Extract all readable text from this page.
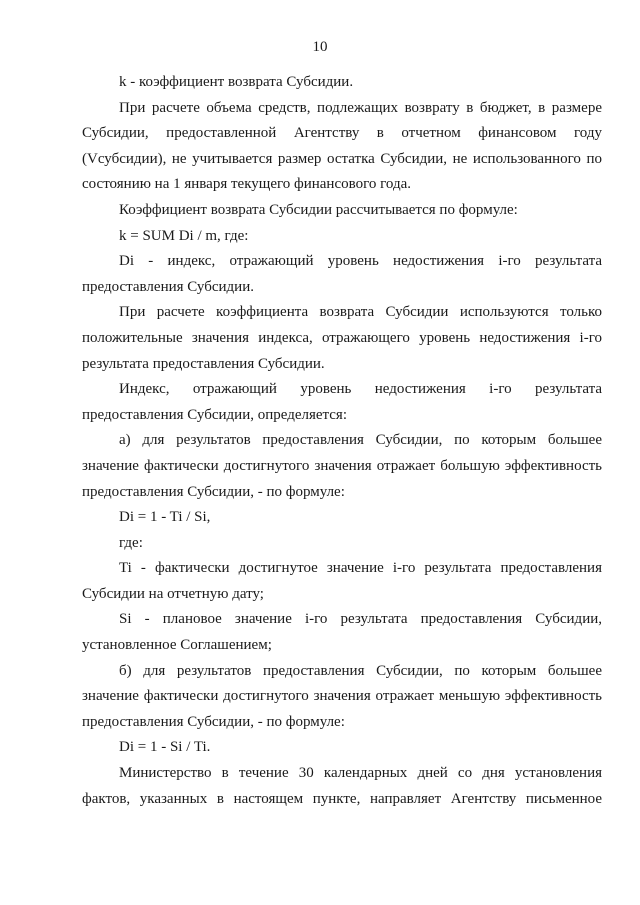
10

k - коэффициент возврата Субсидии.

При расчете объема средств, подлежащих возврату в бюджет, в размере Субсидии, предоставленной Агентству в отчетном финансовом году (Vсубсидии), не учитывается размер остатка Субсидии, не использованного по состоянию на 1 января текущего финансового года.

Коэффициент возврата Субсидии рассчитывается по формуле:

k = SUM Di / m, где:

Di - индекс, отражающий уровень недостижения i-го результата предоставления Субсидии.

При расчете коэффициента возврата Субсидии используются только положительные значения индекса, отражающего уровень недостижения i-го результата предоставления Субсидии.

Индекс, отражающий уровень недостижения i-го результата предоставления Субсидии, определяется:

а) для результатов предоставления Субсидии, по которым большее значение фактически достигнутого значения отражает большую эффективность предоставления Субсидии, - по формуле:

Di = 1 - Ti / Si,

где:

Ti - фактически достигнутое значение i-го результата предоставления Субсидии на отчетную дату;

Si - плановое значение i-го результата предоставления Субсидии, установленное Соглашением;

б) для результатов предоставления Субсидии, по которым большее значение фактически достигнутого значения отражает меньшую эффективность предоставления Субсидии, - по формуле:

Di = 1 - Si / Ti.

Министерство в течение 30 календарных дней со дня установления фактов, указанных в настоящем пункте, направляет Агентству письменное
